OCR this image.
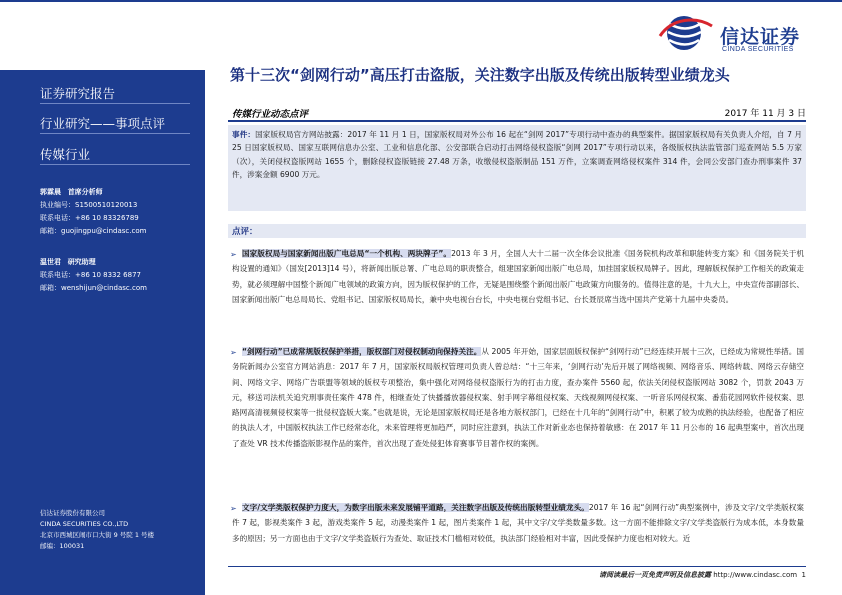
信达证券
CINDA SECURITIES
第十三次“剑网行动”高压打击盗版，关注数字出版及传统出版转型业绩龙头
证券研究报告
行业研究——事项点评
传媒行业
郭霖晨 首席分析师
执业编号：S1500510120013
联系电话：+86 10 83326789
邮箱：guojingpu@cindasc.com
温世君 研究助理
联系电话：+86 10 8332 6877
邮箱：wenshijun@cindasc.com
信达证券股份有限公司
CINDA SECURITIES CO.,LTD
北京市西城区闹市口大街 9 号院 1 号楼
邮编：100031
传媒行业动态点评	2017 年 11 月 3 日
事件：国家版权局官方网站披露：2017 年 11 月 1 日，国家版权局对外公布 16 起在“剑网 2017”专项行动中查办的典型案件。据国家版权局有关负责人介绍，自 7 月 25 日国家版权局、国家互联网信息办公室、工业和信息化部、公安部联合启动打击网络侵权盗版“剑网 2017”专项行动以来，各级版权执法监管部门巡查网站 5.5 万家（次），关闭侵权盗版网站 1655 个，删除侵权盗版链接 27.48 万条，收缴侵权盗版制品 151 万件，立案调查网络侵权案件 314 件，会同公安部门查办刑事案件 37 件，涉案金额 6900 万元。
点评：
➢ 国家版权局与国家新闻出版广电总局“一个机构、两块牌子”。2013 年 3 月，全国人大十二届一次全体会议批准《国务院机构改革和职能转变方案》和《国务院关于机构设置的通知》（国发[2013]14 号），将新闻出版总署、广电总局的职责整合，组建国家新闻出版广电总局，加挂国家版权局牌子。因此，理解版权保护工作相关的政策走势，就必须理解中国整个新闻广电领域的政策方向，因为版权保护的工作，无疑是围绕整个新闻出版广电政策方向服务的。值得注意的是，十九大上，中央宣传部副部长、国家新闻出版广电总局局长、党组书记、国家版权局局长，兼中央电视台台长，中央电视台党组书记、台长聂辰席当选中国共产党第十九届中央委员。
➢ “剑网行动”已成常规版权保护举措，版权部门对侵权制动向保持关注。从 2005 年开始，国家层面版权保护“剑网行动”已经连续开展十三次，已经成为常规性举措。国务院新闻办公室官方网站消息：2017 年 7 月，国家版权局版权管理司负责人曾总结：“十三年来，‘剑网行动’先后开展了网络视频、网络音乐、网络转载、网络云存储空间、网络文字、网络广告联盟等领域的版权专项整治，集中强化对网络侵权盗版行为的打击力度，查办案件 5560 起，依法关闭侵权盗版网站 3082 个，罚款 2043 万元，移送司法机关追究刑事责任案件 478 件，相继查处了快播播放器侵权案、射手网字幕组侵权案、天线视频网侵权案、一听音乐网侵权案、番茄花园网软件侵权案、思路网高清视频侵权案等一批侵权盗版大案。”也就是说，无论是国家版权局还是各地方版权部门，已经在十几年的“剑网行动”中，积累了较为成熟的执法经验，也配备了相应的执法人才，中国版权执法工作已经常态化，未来管理将更加趋严，同时应注意到，执法工作对新业态也保持着敏感：在 2017 年 11 月公布的 16 起典型案中，首次出现了查处 VR 技术传播盗版影视作品的案件，首次出现了查处侵犯体育赛事节目著作权的案例。
➢ 文字/文学类版权保护力度大，为数字出版未来发展铺平道路，关注数字出版及传统出版转型业绩龙头。2017 年 16 起“剑网行动”典型案例中，涉及文字/文学类版权案件 7 起，影视类案件 3 起，游戏类案件 5 起，动漫类案件 1 起，图片类案件 1 起，其中文字/文学类数量多数。这一方面不能排除文字/文学类盗版行为成本低，本身数量多的原因；另一方面也由于文字/文学类盗版行为查处、取证技术门槛相对较低，执法部门经验相对丰富，因此受保护力度也相对较大。近
请阅读最后一页免责声明及信息披露 http://www.cindasc.com 1
